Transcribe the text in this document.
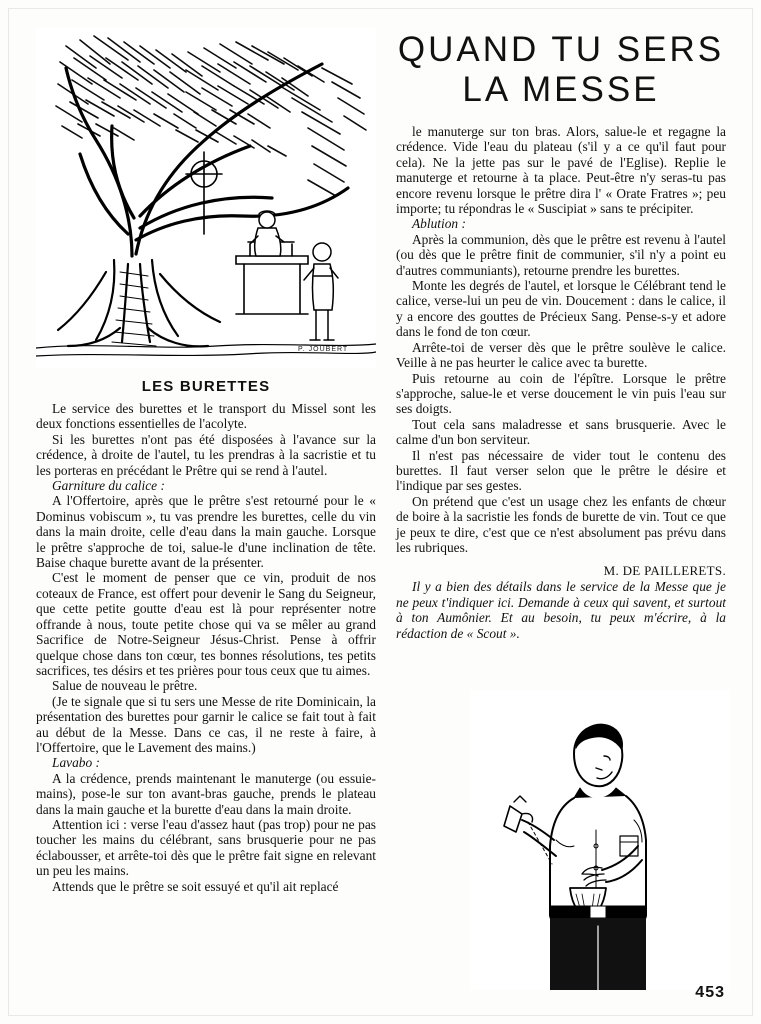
P. JOUBERT
LES BURETTES

Le service des burettes et le transport du Missel sont les deux fonctions essentielles de l'acolyte.

Si les burettes n'ont pas été disposées à l'avance sur la crédence, à droite de l'autel, tu les prendras à la sacristie et tu les porteras en précédant le Prêtre qui se rend à l'autel.

Garniture du calice :

A l'Offertoire, après que le prêtre s'est retourné pour le « Dominus vobiscum », tu vas prendre les burettes, celle du vin dans la main droite, celle d'eau dans la main gauche. Lorsque le prêtre s'approche de toi, salue-le d'une inclination de tête. Baise chaque burette avant de la présenter.

C'est le moment de penser que ce vin, produit de nos coteaux de France, est offert pour devenir le Sang du Seigneur, que cette petite goutte d'eau est là pour représenter notre offrande à nous, toute petite chose qui va se mêler au grand Sacrifice de Notre-Seigneur Jésus-Christ. Pense à offrir quelque chose dans ton cœur, tes bonnes résolutions, tes petits sacrifices, tes désirs et tes prières pour tous ceux que tu aimes.

Salue de nouveau le prêtre.

(Je te signale que si tu sers une Messe de rite Dominicain, la présentation des burettes pour garnir le calice se fait tout à fait au début de la Messe. Dans ce cas, il ne reste à faire, à l'Offertoire, que le Lavement des mains.)

Lavabo :

A la crédence, prends maintenant le manuterge (ou essuie-mains), pose-le sur ton avant-bras gauche, prends le plateau dans la main gauche et la burette d'eau dans la main droite.

Attention ici : verse l'eau d'assez haut (pas trop) pour ne pas toucher les mains du célébrant, sans brusquerie pour ne pas éclabousser, et arrête-toi dès que le prêtre fait signe en relevant un peu les mains.

Attends que le prêtre se soit essuyé et qu'il ait replacé

QUAND TU SERS
LA MESSE

le manuterge sur ton bras. Alors, salue-le et regagne la crédence. Vide l'eau du plateau (s'il y a ce qu'il faut pour cela). Ne la jette pas sur le pavé de l'Eglise). Replie le manuterge et retourne à ta place. Peut-être n'y seras-tu pas encore revenu lorsque le prêtre dira l' « Orate Fratres »; peu importe; tu répondras le « Suscipiat » sans te précipiter.

Ablution :

Après la communion, dès que le prêtre est revenu à l'autel (ou dès que le prêtre finit de communier, s'il n'y a point eu d'autres communiants), retourne prendre les burettes.

Monte les degrés de l'autel, et lorsque le Célébrant tend le calice, verse-lui un peu de vin. Doucement : dans le calice, il y a encore des gouttes de Précieux Sang. Pense-s-y et adore dans le fond de ton cœur.

Arrête-toi de verser dès que le prêtre soulève le calice. Veille à ne pas heurter le calice avec ta burette.

Puis retourne au coin de l'épître. Lorsque le prêtre s'approche, salue-le et verse doucement le vin puis l'eau sur ses doigts.

Tout cela sans maladresse et sans brusquerie. Avec le calme d'un bon serviteur.

Il n'est pas nécessaire de vider tout le contenu des burettes. Il faut verser selon que le prêtre le désire et l'indique par ses gestes.

On prétend que c'est un usage chez les enfants de chœur de boire à la sacristie les fonds de burette de vin. Tout ce que je peux te dire, c'est que ce n'est absolument pas prévu dans les rubriques.

M. DE PAILLERETS.

Il y a bien des détails dans le service de la Messe que je ne peux t'indiquer ici. Demande à ceux qui savent, et surtout à ton Aumônier. Et au besoin, tu peux m'écrire, à la rédaction de « Scout ».

453
